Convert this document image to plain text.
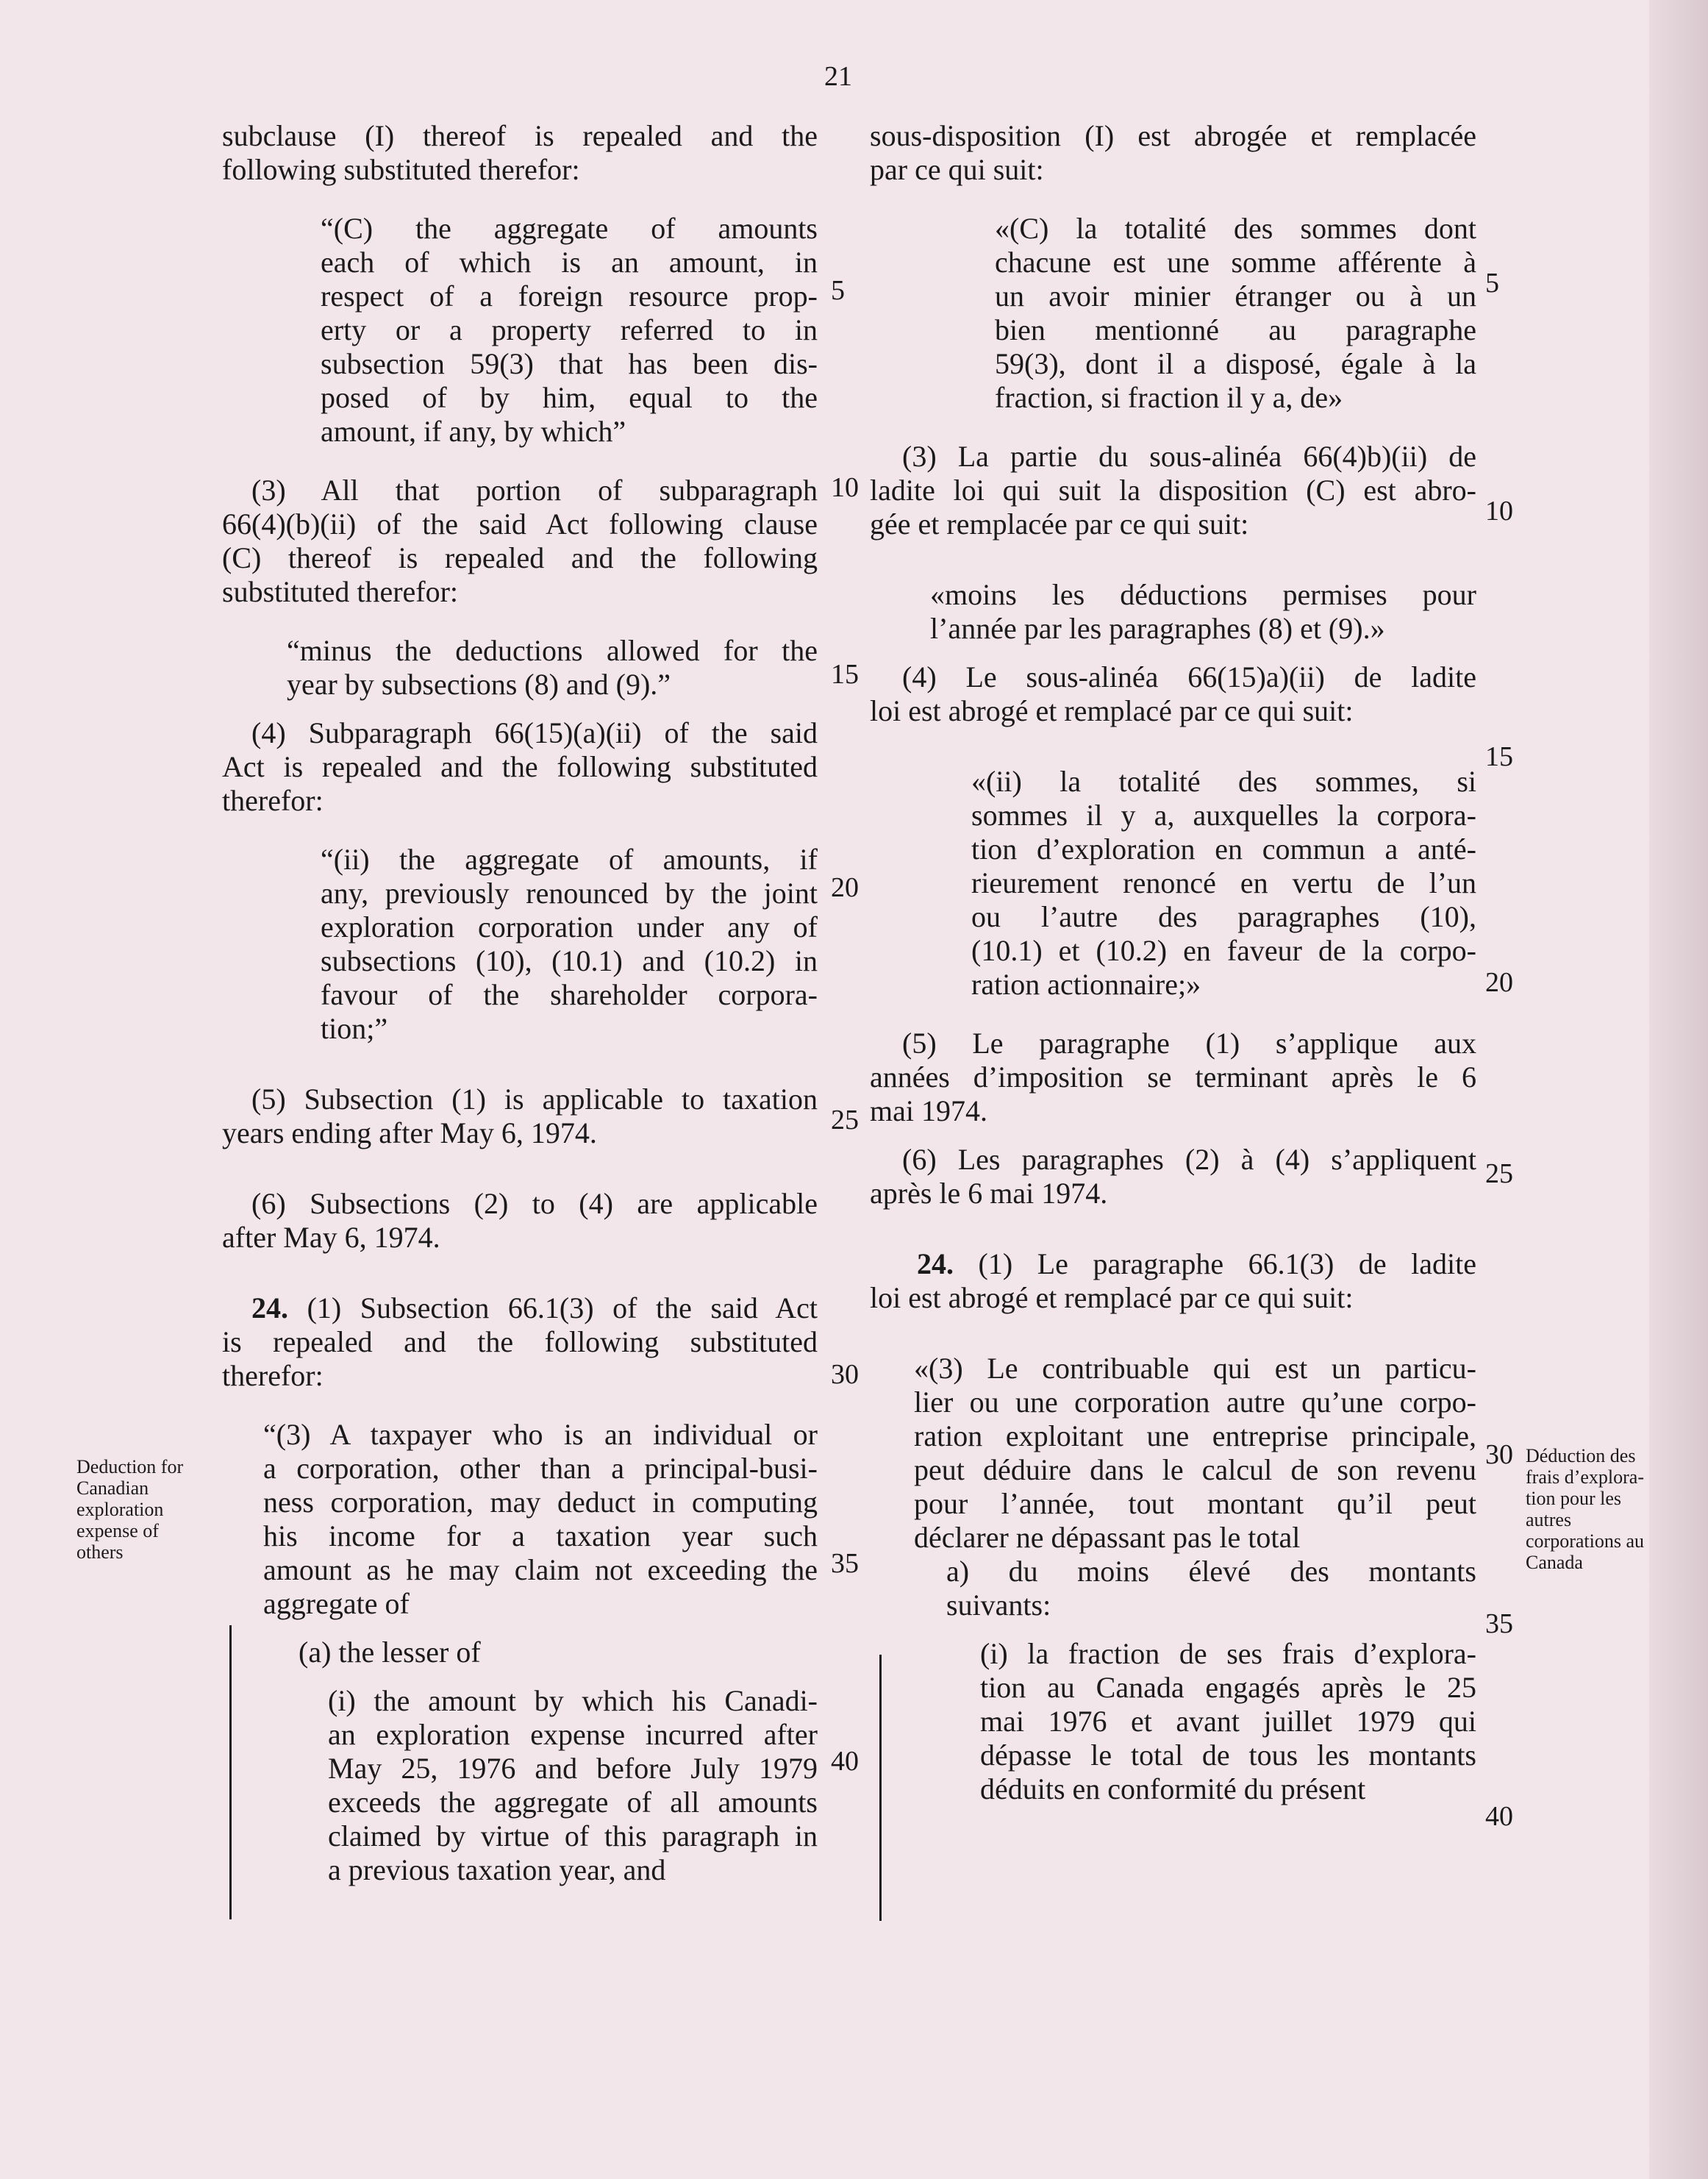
21

subclause (I) thereof is repealed and the

following substituted therefor:

“(C) the aggregate of amounts

each of which is an amount, in

respect of a foreign resource prop-

erty or a property referred to in

subsection 59(3) that has been dis-

posed of by him, equal to the

amount, if any, by which”

(3) All that portion of subparagraph

66(4)(b)(ii) of the said Act following clause

(C) thereof is repealed and the following

substituted therefor:

“minus the deductions allowed for the

year by subsections (8) and (9).”

(4) Subparagraph 66(15)(a)(ii) of the said

Act is repealed and the following substituted

therefor:

“(ii) the aggregate of amounts, if

any, previously renounced by the joint

exploration corporation under any of

subsections (10), (10.1) and (10.2) in

favour of the shareholder corpora-

tion;”

(5) Subsection (1) is applicable to taxation

years ending after May 6, 1974.

(6) Subsections (2) to (4) are applicable

after May 6, 1974.

24. (1) Subsection 66.1(3) of the said Act

is repealed and the following substituted

therefor:

“(3) A taxpayer who is an individual or

a corporation, other than a principal-busi-

ness corporation, may deduct in computing

his income for a taxation year such

amount as he may claim not exceeding the

aggregate of

(a) the lesser of

(i) the amount by which his Canadi-

an exploration expense incurred after

May 25, 1976 and before July 1979

exceeds the aggregate of all amounts

claimed by virtue of this paragraph in

a previous taxation year, and

sous-disposition (I) est abrogée et remplacée

par ce qui suit:

«(C) la totalité des sommes dont

chacune est une somme afférente à

un avoir minier étranger ou à un

bien mentionné au paragraphe

59(3), dont il a disposé, égale à la

fraction, si fraction il y a, de»

(3) La partie du sous-alinéa 66(4)b)(ii) de

ladite loi qui suit la disposition (C) est abro-

gée et remplacée par ce qui suit:

«moins les déductions permises pour

l’année par les paragraphes (8) et (9).»

(4) Le sous-alinéa 66(15)a)(ii) de ladite

loi est abrogé et remplacé par ce qui suit:

«(ii) la totalité des sommes, si

sommes il y a, auxquelles la corpora-

tion d’exploration en commun a anté-

rieurement renoncé en vertu de l’un

ou l’autre des paragraphes (10),

(10.1) et (10.2) en faveur de la corpo-

ration actionnaire;»

(5) Le paragraphe (1) s’applique aux

années d’imposition se terminant après le 6

mai 1974.

(6) Les paragraphes (2) à (4) s’appliquent

après le 6 mai 1974.

24. (1) Le paragraphe 66.1(3) de ladite

loi est abrogé et remplacé par ce qui suit:

«(3) Le contribuable qui est un particu-

lier ou une corporation autre qu’une corpo-

ration exploitant une entreprise principale,

peut déduire dans le calcul de son revenu

pour l’année, tout montant qu’il peut

déclarer ne dépassant pas le total

a) du moins élevé des montants

suivants:

(i) la fraction de ses frais d’explora-

tion au Canada engagés après le 25

mai 1976 et avant juillet 1979 qui

dépasse le total de tous les montants

déduits en conformité du présent

5
10
15
20
25
30
35
40
5
10
15
20
25
30
35
40
Deduction for
Canadian
exploration
expense of
others
Déduction des
frais d’explora-
tion pour les
autres
corporations au
Canada
